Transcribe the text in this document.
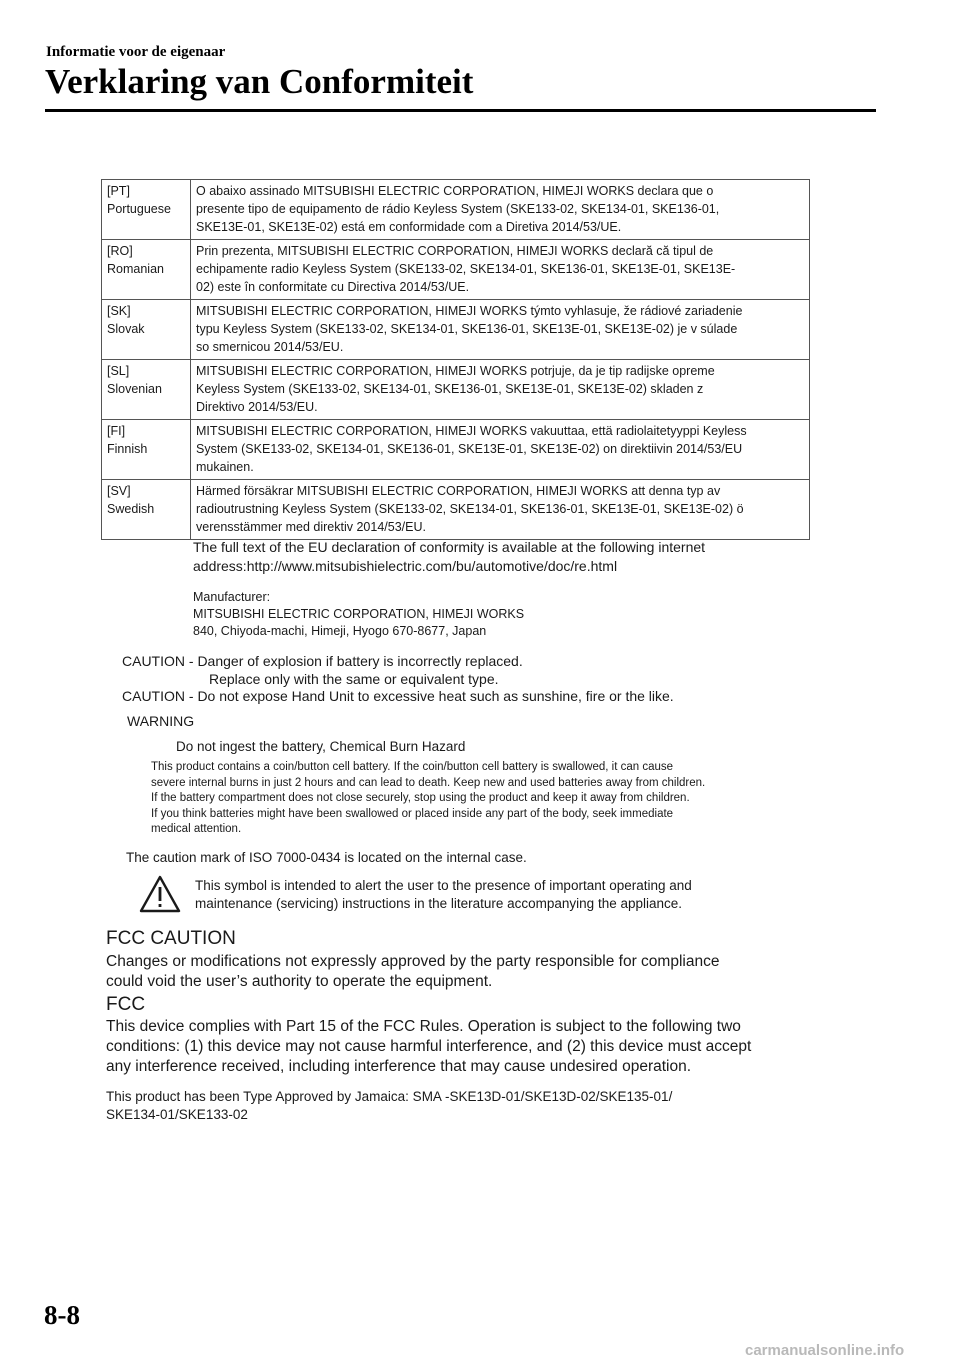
Informatie voor de eigenaar
Verklaring van Conformiteit
[PT]
Portuguese	O abaixo assinado MITSUBISHI ELECTRIC CORPORATION, HIMEJI WORKS declara que o
presente tipo de equipamento de rádio Keyless System (SKE133-02, SKE134-01, SKE136-01,
SKE13E-01, SKE13E-02) está em conformidade com a Diretiva 2014/53/UE.

[RO]
Romanian	Prin prezenta, MITSUBISHI ELECTRIC CORPORATION, HIMEJI WORKS declară că tipul de
echipamente radio Keyless System (SKE133-02, SKE134-01, SKE136-01, SKE13E-01, SKE13E-
02) este în conformitate cu Directiva 2014/53/UE.

[SK]
Slovak	MITSUBISHI ELECTRIC CORPORATION, HIMEJI WORKS týmto vyhlasuje, že rádiové zariadenie
typu Keyless System (SKE133-02, SKE134-01, SKE136-01, SKE13E-01, SKE13E-02) je v súlade
so smernicou 2014/53/EU.

[SL]
Slovenian	MITSUBISHI ELECTRIC CORPORATION, HIMEJI WORKS potrjuje, da je tip radijske opreme
Keyless System (SKE133-02, SKE134-01, SKE136-01, SKE13E-01, SKE13E-02) skladen z
Direktivo 2014/53/EU.

[FI]
Finnish	MITSUBISHI ELECTRIC CORPORATION, HIMEJI WORKS vakuuttaa, että radiolaitetyyppi Keyless
System (SKE133-02, SKE134-01, SKE136-01, SKE13E-01, SKE13E-02) on direktiivin 2014/53/EU
mukainen.

[SV]
Swedish	Härmed försäkrar MITSUBISHI ELECTRIC CORPORATION, HIMEJI WORKS att denna typ av
radioutrustning Keyless System (SKE133-02, SKE134-01, SKE136-01, SKE13E-01, SKE13E-02) ö
verensstämmer med direktiv 2014/53/EU.
The full text of the EU declaration of conformity is available at the following internet
address:http://www.mitsubishielectric.com/bu/automotive/doc/re.html
Manufacturer:
MITSUBISHI ELECTRIC CORPORATION, HIMEJI WORKS
840, Chiyoda-machi, Himeji, Hyogo 670-8677, Japan
CAUTION - Danger of explosion if battery is incorrectly replaced.
Replace only with the same or equivalent type.
CAUTION - Do not expose Hand Unit to excessive heat such as sunshine, fire or the like.
WARNING
Do not ingest the battery, Chemical Burn Hazard
This product contains a coin/button cell battery. If the coin/button cell battery is swallowed, it can cause
severe internal burns in just 2 hours and can lead to death. Keep new and used batteries away from children.
If the battery compartment does not close securely, stop using the product and keep it away from children.
If you think batteries might have been swallowed or placed inside any part of the body, seek immediate
medical attention.
The caution mark of ISO 7000-0434 is located on the internal case.
This symbol is intended to alert the user to the presence of important operating and
maintenance (servicing) instructions in the literature accompanying the appliance.
FCC CAUTION
Changes or modifications not expressly approved by the party responsible for compliance
could void the user’s authority to operate the equipment.
FCC
This device complies with Part 15 of the FCC Rules. Operation is subject to the following two
conditions: (1) this device may not cause harmful interference, and (2) this device must accept
any interference received, including interference that may cause undesired operation.
This product has been Type Approved by Jamaica: SMA -SKE13D-01/SKE13D-02/SKE135-01/
SKE134-01/SKE133-02
8-8
carmanualsonline.info
